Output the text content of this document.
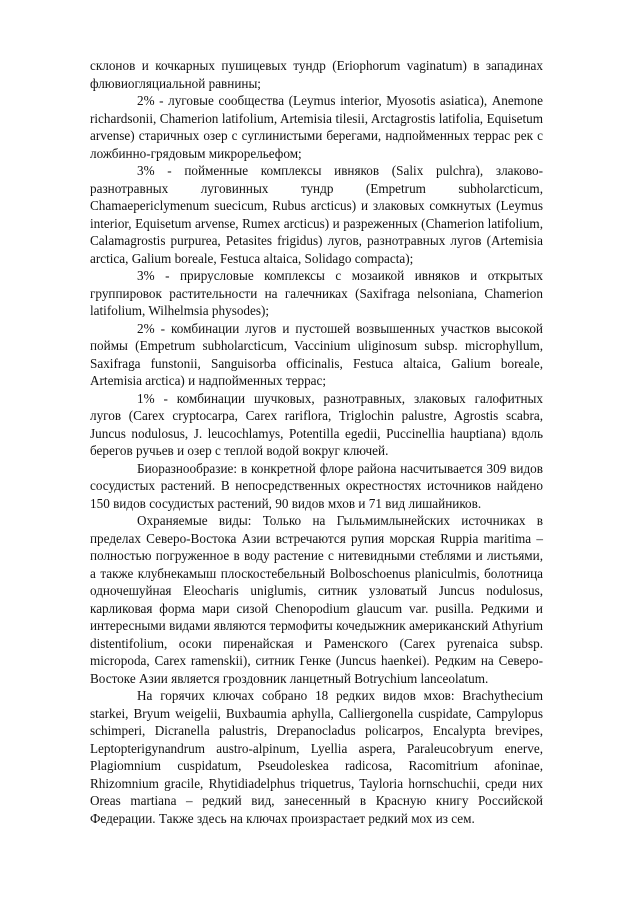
склонов и кочкарных пушицевых тундр (Eriophorum vaginatum) в западинах флювиогляциальной равнины;

2% - луговые сообщества (Leymus interior, Myosotis asiatica), Anemone richardsonii, Chamerion latifolium, Artemisia tilesii, Arctagrostis latifolia, Equisetum arvense) старичных озер с суглинистыми берегами, надпойменных террас рек с ложбинно-грядовым микрорельефом;

3% - пойменные комплексы ивняков (Salix pulchra), злаково-разнотравных луговинных тундр (Empetrum subholarcticum, Chamaepericlymenum suecicum, Rubus arcticus) и злаковых сомкнутых (Leymus interior, Equisetum arvense, Rumex arcticus) и разреженных (Chamerion latifolium, Calamagrostis purpurea, Petasites frigidus) лугов, разнотравных лугов (Artemisia arctica, Galium boreale, Festuca altaica, Solidago compacta);

3% - прирусловые комплексы с мозаикой ивняков и открытых группировок растительности на галечниках (Saxifraga nelsoniana, Chamerion latifolium, Wilhelmsia physodes);

2% - комбинации лугов и пустошей возвышенных участков высокой поймы (Empetrum subholarcticum, Vaccinium uliginosum subsp. microphyllum, Saxifraga funstonii, Sanguisorba officinalis, Festuca altaica, Galium boreale, Artemisia arctica) и надпойменных террас;

1% - комбинации шучковых, разнотравных, злаковых галофитных лугов (Carex cryptocarpa, Carex rariflora, Triglochin palustre, Agrostis scabra, Juncus nodulosus, J. leucochlamys, Potentilla egedii, Puccinellia hauptiana) вдоль берегов ручьев и озер с теплой водой вокруг ключей.

Биоразнообразие: в конкретной флоре района насчитывается 309 видов сосудистых растений. В непосредственных окрестностях источников найдено 150 видов сосудистых растений, 90 видов мхов и 71 вид лишайников.

Охраняемые виды: Только на Гыльмимлынейских источниках в пределах Северо-Востока Азии встречаются рупия морская Ruppia maritima – полностью погруженное в воду растение с нитевидными стеблями и листьями, а также клубнекамыш плоскостебельный Bolboschoenus planiculmis, болотница одночешуйная Eleocharis uniglumis, ситник узловатый Juncus nodulosus, карликовая форма мари сизой Chenopodium glaucum var. pusilla. Редкими и интересными видами являются термофиты кочедыжник американский Athyrium distentifolium, осоки пиренайская и Раменского (Carex pyrenaica subsp. micropoda, Carex ramenskii), ситник Генке (Juncus haenkei). Редким на Северо-Востоке Азии является гроздовник ланцетный Botrychium lanceolatum.

На горячих ключах собрано 18 редких видов мхов: Brachythecium starkei, Bryum weigelii, Buxbaumia aphylla, Calliergonella cuspidate, Campylopus schimperi, Dicranella palustris, Drepanocladus policarpos, Encalypta brevipes, Leptopterigynandrum austro-alpinum, Lyellia aspera, Paraleucobryum enerve, Plagiomnium cuspidatum, Pseudoleskea radicosa, Racomitrium afoninae, Rhizomnium gracile, Rhytidiadelphus triquetrus, Tayloria hornschuchii, среди них Oreas martiana – редкий вид, занесенный в Красную книгу Российской Федерации. Также здесь на ключах произрастает редкий мох из сем.
